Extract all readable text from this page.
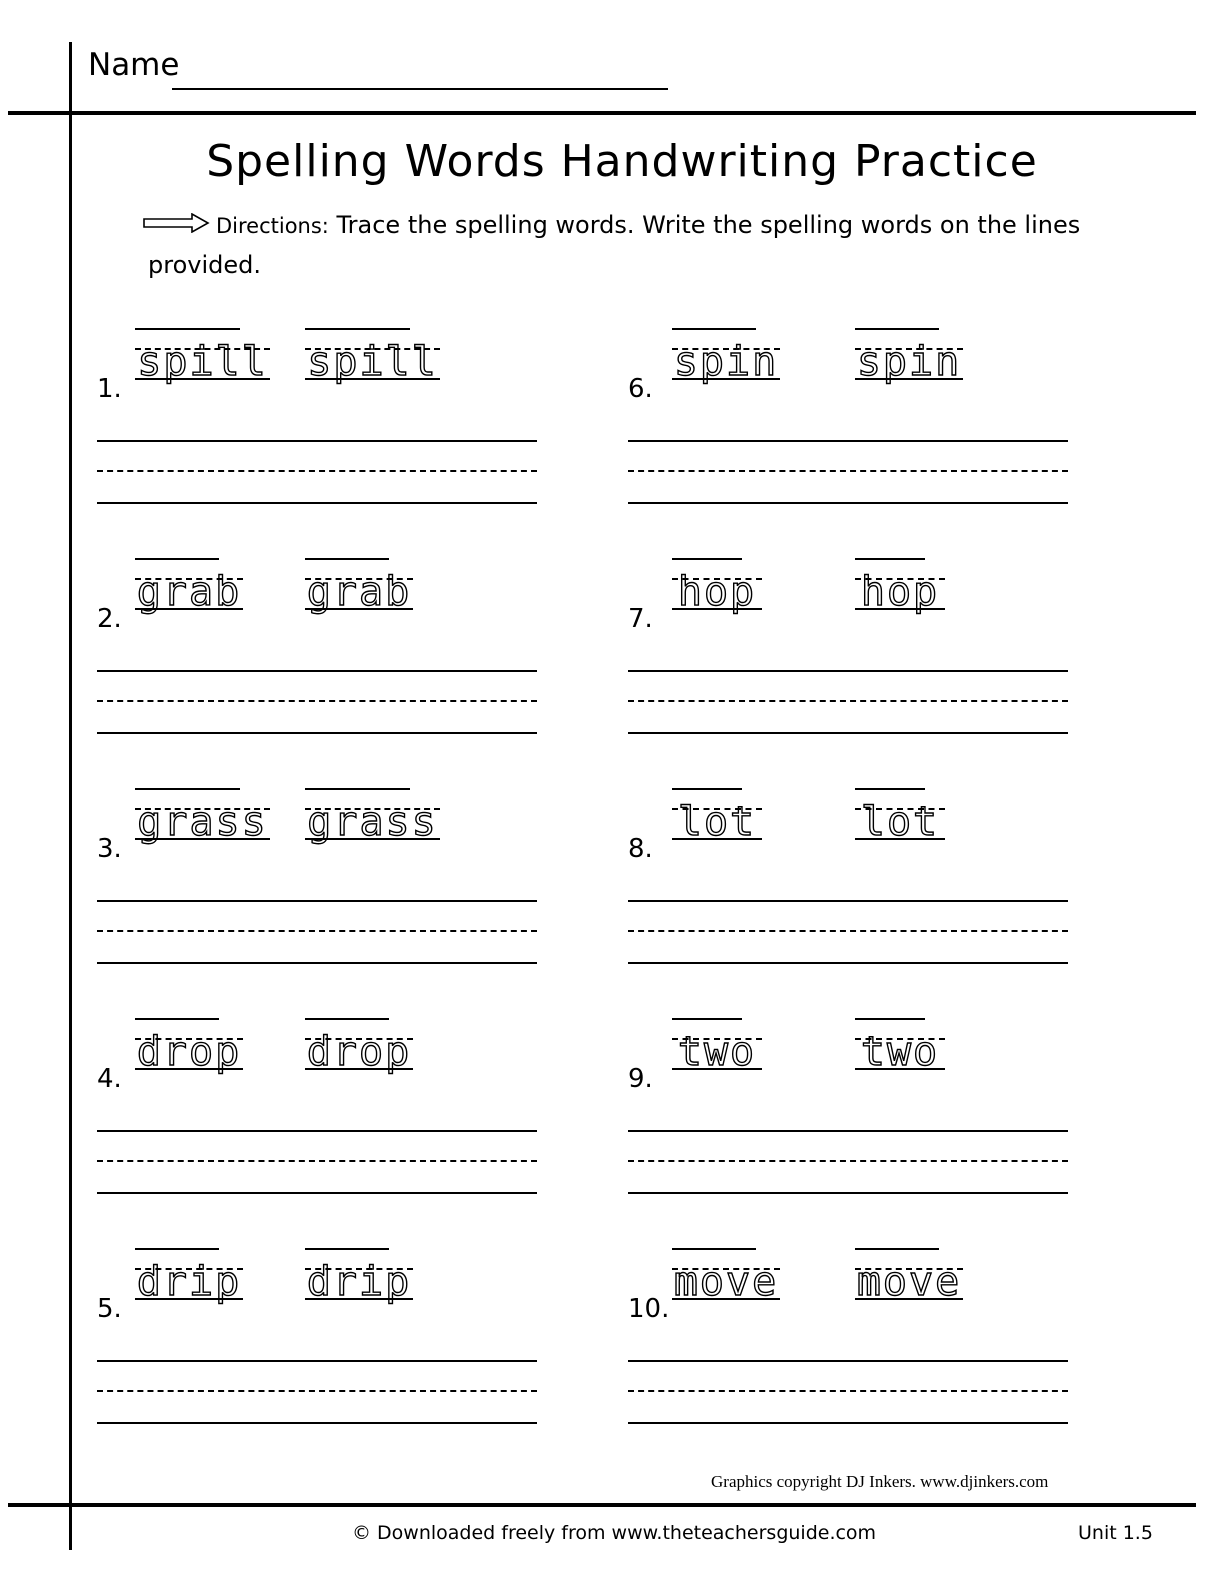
Name
Spelling Words Handwriting Practice
Directions: Trace the spelling words. Write the spelling words on the lines provided.
1.
spill spill
2.
grab grab
3.
grass grass
4.
drop drop
5.
drip drip
6.
spin spin
7.
hop	hop
8.
lot	lot
9.
two	two
10.
move move
Graphics copyright DJ Inkers. www.djinkers.com
© Downloaded freely from www.theteachersguide.com	Unit 1.5
